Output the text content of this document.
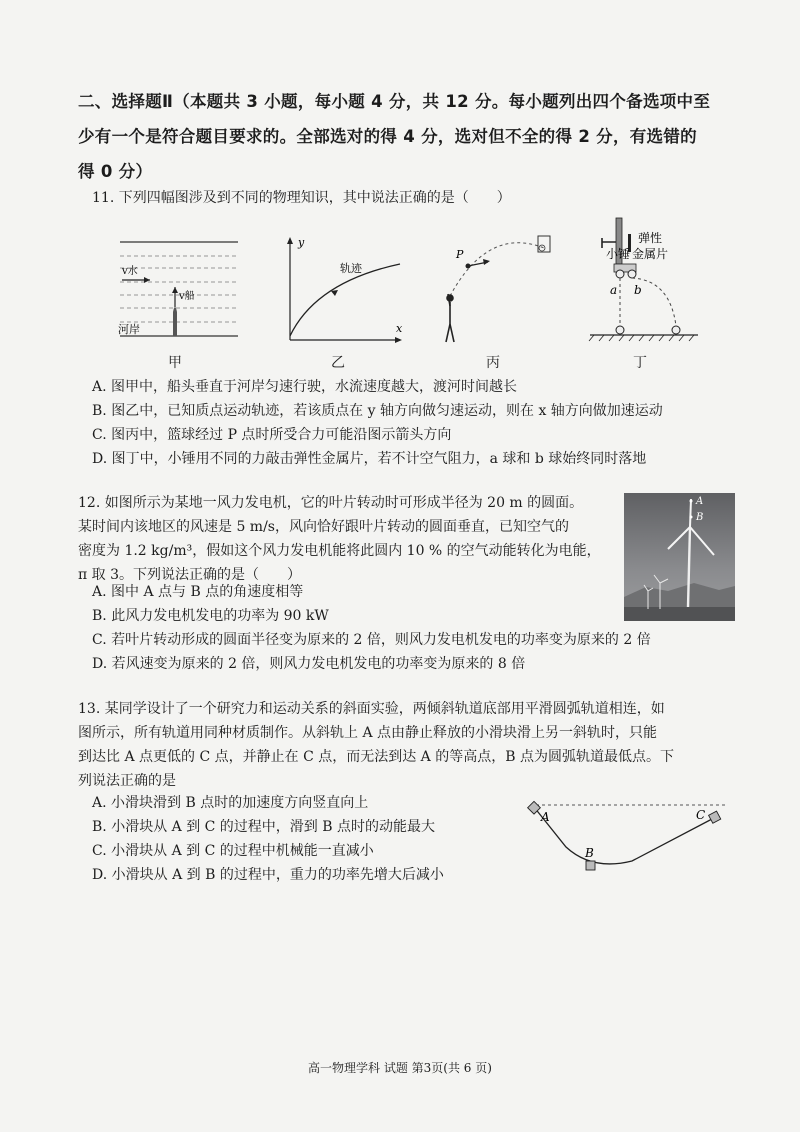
二、选择题Ⅱ（本题共 3 小题，每小题 4 分，共 12 分。每小题列出四个备选项中至
少有一个是符合题目要求的。全部选对的得 4 分，选对但不全的得 2 分，有选错的
得 0 分）
11. 下列四幅图涉及到不同的物理知识，其中说法正确的是（　　）
v水
v船
河岸
甲
y
x
轨迹
乙
P
丙
小锤
弹性
金属片
a b
丁
A. 图甲中，船头垂直于河岸匀速行驶，水流速度越大，渡河时间越长
B. 图乙中，已知质点运动轨迹，若该质点在 y 轴方向做匀速运动，则在 x 轴方向做加速运动
C. 图丙中，篮球经过 P 点时所受合力可能沿图示箭头方向
D. 图丁中，小锤用不同的力敲击弹性金属片，若不计空气阻力，a 球和 b 球始终同时落地
12. 如图所示为某地一风力发电机，它的叶片转动时可形成半径为 20 m 的圆面。
某时间内该地区的风速是 5 m/s，风向恰好跟叶片转动的圆面垂直，已知空气的
密度为 1.2 kg/m³，假如这个风力发电机能将此圆内 10 % 的空气动能转化为电能，
π 取 3。下列说法正确的是（　　）
A
B
A. 图中 A 点与 B 点的角速度相等
B. 此风力发电机发电的功率为 90 kW
C. 若叶片转动形成的圆面半径变为原来的 2 倍，则风力发电机发电的功率变为原来的 2 倍
D. 若风速变为原来的 2 倍，则风力发电机发电的功率变为原来的 8 倍
13. 某同学设计了一个研究力和运动关系的斜面实验，两倾斜轨道底部用平滑圆弧轨道相连，如
图所示，所有轨道用同种材质制作。从斜轨上 A 点由静止释放的小滑块滑上另一斜轨时，只能
到达比 A 点更低的 C 点，并静止在 C 点，而无法到达 A 的等高点，B 点为圆弧轨道最低点。下
列说法正确的是
A. 小滑块滑到 B 点时的加速度方向竖直向上
B. 小滑块从 A 到 C 的过程中，滑到 B 点时的动能最大
C. 小滑块从 A 到 C 的过程中机械能一直减小
D. 小滑块从 A 到 B 的过程中，重力的功率先增大后减小
A
B
C
高一物理学科 试题 第3页(共 6 页)
